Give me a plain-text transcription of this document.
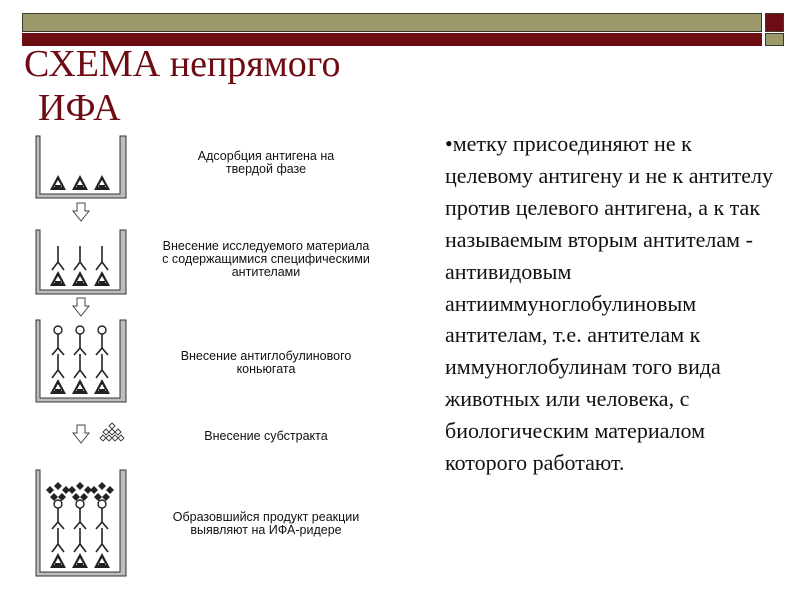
СХЕМА непрямого
ИФА
Адсорбция антигена на
твердой фазе
Внесение исследуемого материала
с содержащимися специфическими
антителами
Внесение антиглобулинового
коньюгата
Внесение субстракта
Образовшийся продукт реакции
выявляют на ИФА-ридере

•метку присоединяют не к целевому антигену и не к антителу против целевого антигена, а к так называемым вторым антителам - антивидовым антииммуноглобулиновым антителам, т.е. антителам к иммуноглобулинам того вида животных или человека, с биологическим материалом которого работают.
